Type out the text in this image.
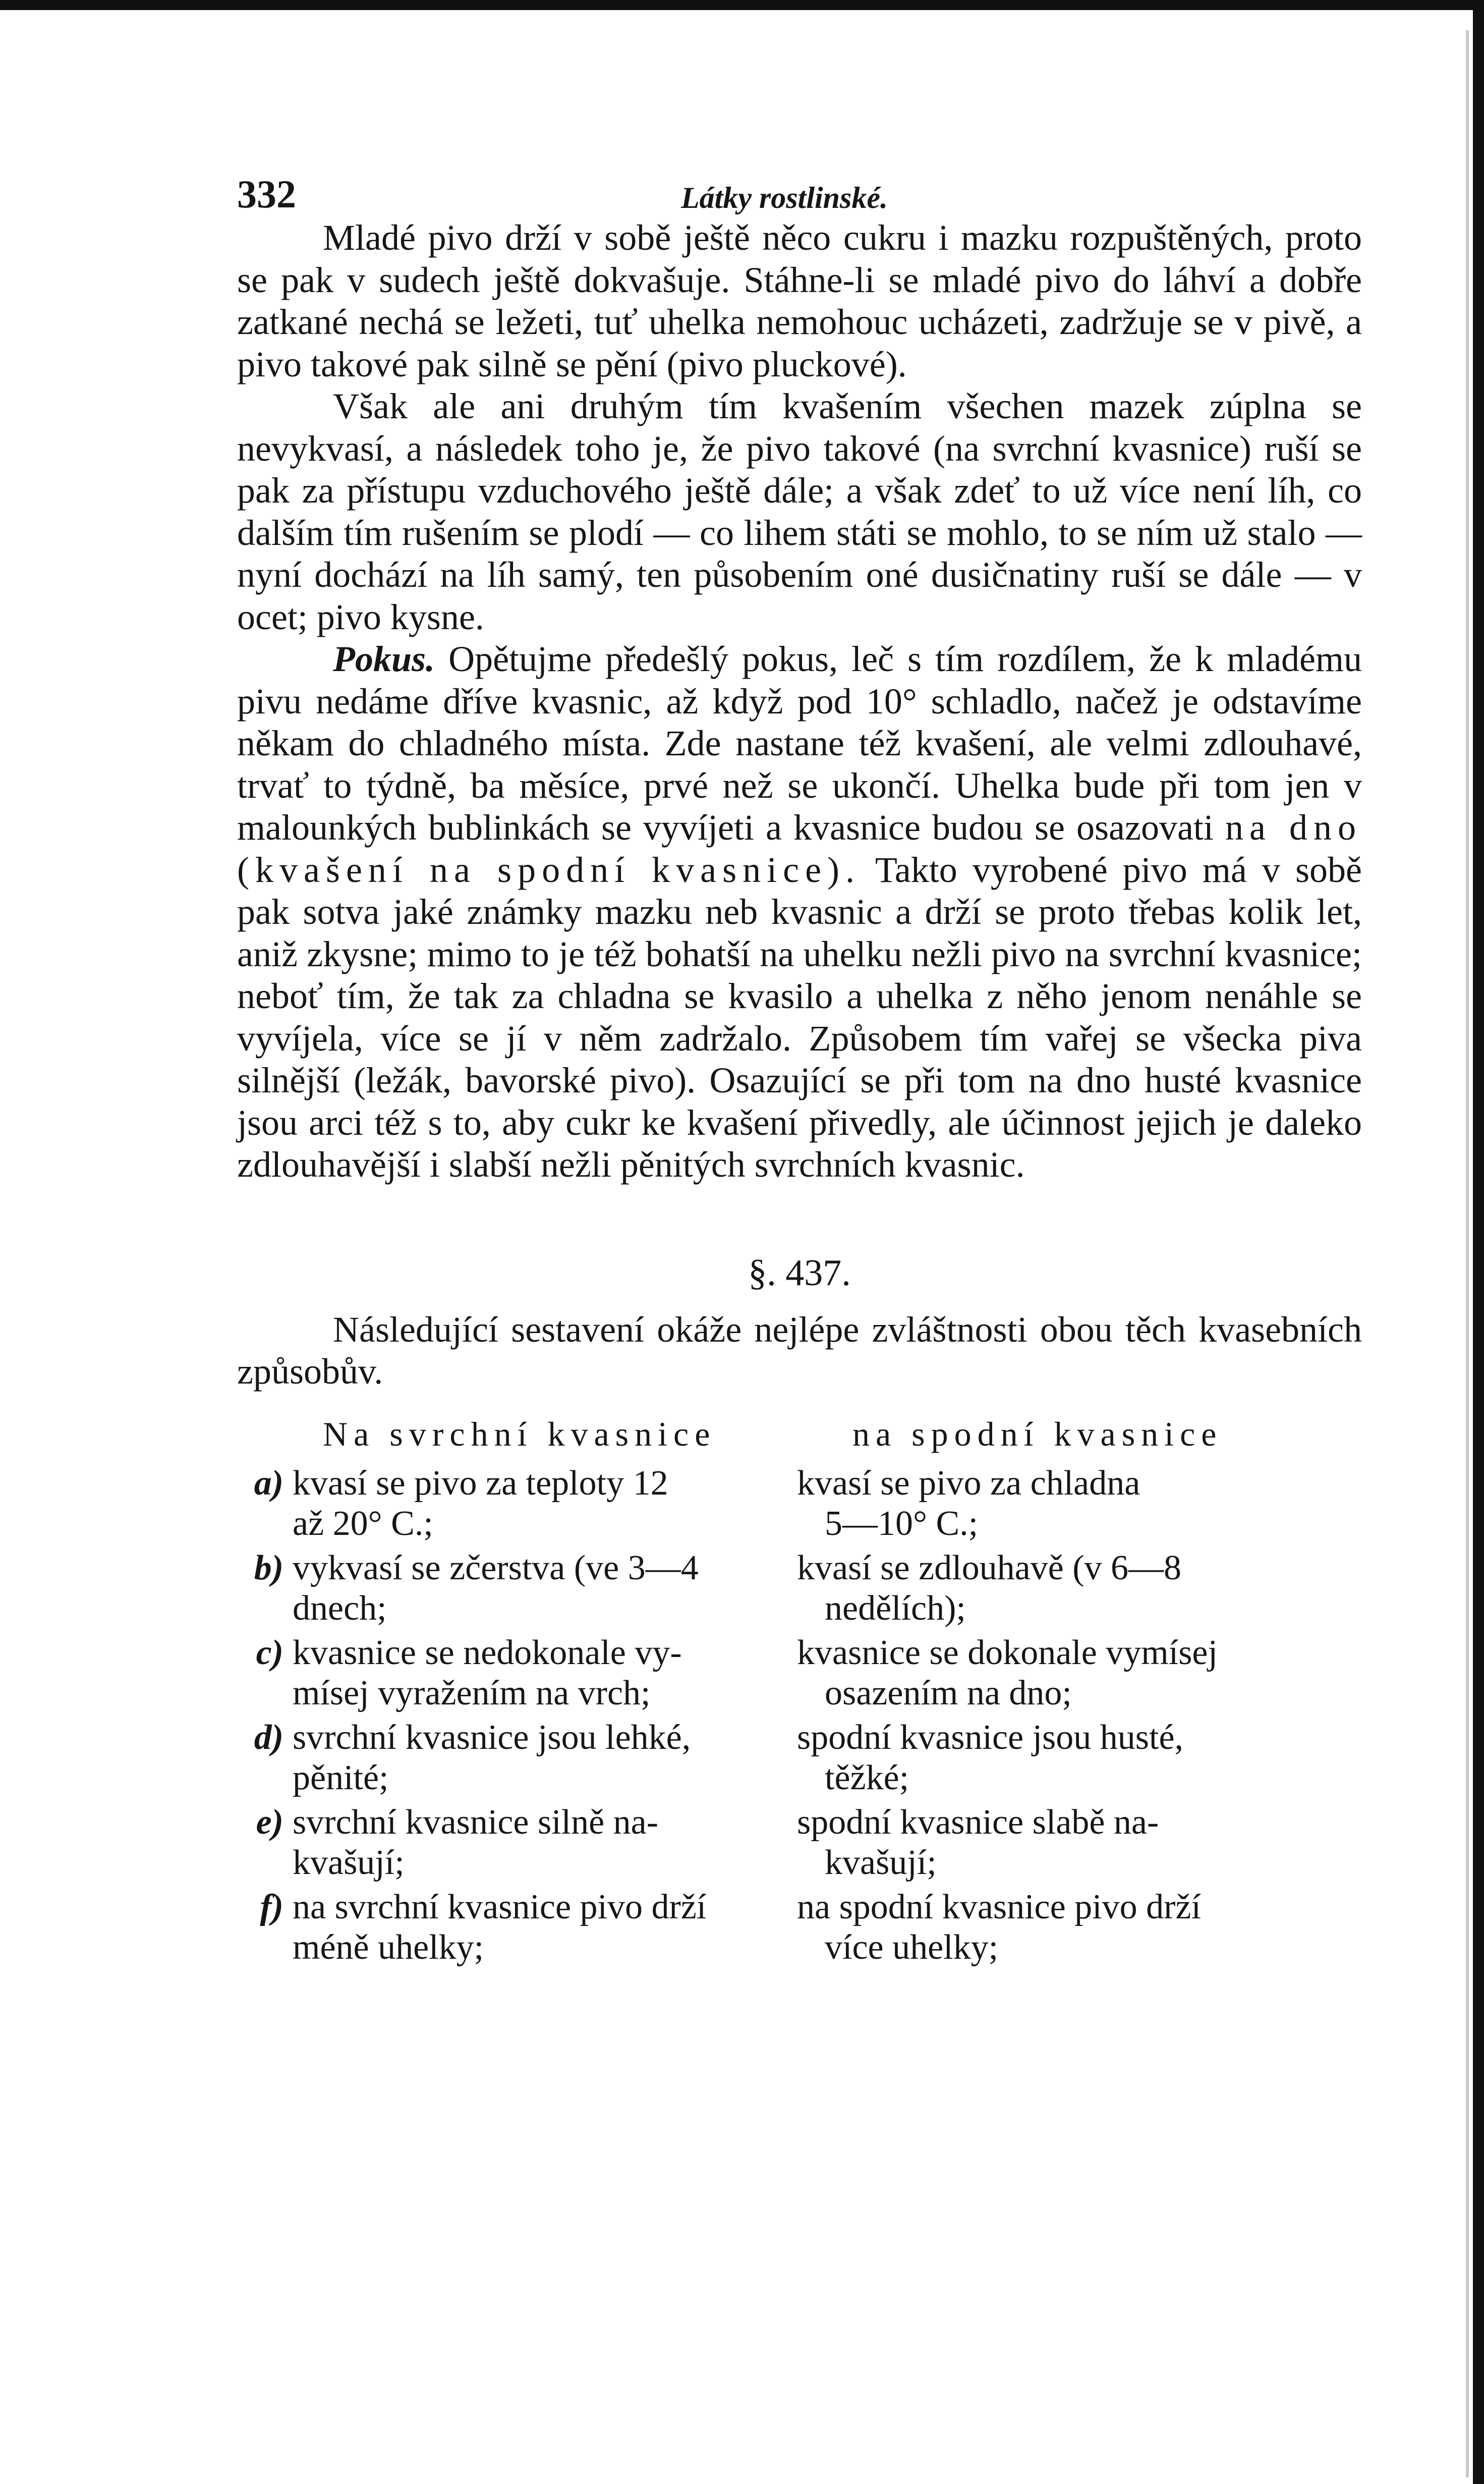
332	Látky rostlinské.

Mladé pivo drží v sobě ještě něco cukru i mazku rozpuštěných, proto se pak v sudech ještě dokvašuje. Stáhne-li se mladé pivo do láhví a dobře zatkané nechá se ležeti, tuť uhelka nemohouc ucházeti, zadržuje se v pivě, a pivo takové pak silně se pění (pivo pluckové).

Však ale ani druhým tím kvašením všechen mazek zúplna se nevykvasí, a následek toho je, že pivo takové (na svrchní kvasnice) ruší se pak za přístupu vzduchového ještě dále; a však zdeť to už více není líh, co dalším tím rušením se plodí — co lihem státi se mohlo, to se ním už stalo — nyní dochází na líh samý, ten působením oné dusičnatiny ruší se dále — v ocet; pivo kysne.

Pokus. Opětujme předešlý pokus, leč s tím rozdílem, že k mladému pivu nedáme dříve kvasnic, až když pod 10° schladlo, načež je odstavíme někam do chladného místa. Zde nastane též kvašení, ale velmi zdlouhavé, trvať to týdně, ba měsíce, prvé než se ukončí. Uhelka bude při tom jen v malounkých bublinkách se vyvíjeti a kvasnice budou se osazovati na dno (kvašení na spodní kvasnice). Takto vyrobené pivo má v sobě pak sotva jaké známky mazku neb kvasnic a drží se proto třebas kolik let, aniž zkysne; mimo to je též bohatší na uhelku nežli pivo na svrchní kvasnice; neboť tím, že tak za chladna se kvasilo a uhelka z něho jenom nenáhle se vyvíjela, více se jí v něm zadržalo. Způsobem tím vařej se všecka piva silnější (ležák, bavorské pivo). Osazující se při tom na dno husté kvasnice jsou arci též s to, aby cukr ke kvašení přivedly, ale účinnost jejich je daleko zdlouhavější i slabší nežli pěnitých svrchních kvasnic.

§. 437.

Následující sestavení okáže nejlépe zvláštnosti obou těch kvasebních způsobův.

Na svrchní kvasnice	na spodní kvasnice
a) kvasí se pivo za teploty 12
až 20° C.;
kvasí se pivo za chladna
5—10° C.;
b) vykvasí se zčerstva (ve 3—4
dnech;
kvasí se zdlouhavě (v 6—8
nedělích);
c) kvasnice se nedokonale vy-
mísej vyražením na vrch;
kvasnice se dokonale vymísej
osazením na dno;
d) svrchní kvasnice jsou lehké,
pěnité;
spodní kvasnice jsou husté,
těžké;
e) svrchní kvasnice silně na-
kvašují;
spodní kvasnice slabě na-
kvašují;
f) na svrchní kvasnice pivo drží
méně uhelky;
na spodní kvasnice pivo drží
více uhelky;
